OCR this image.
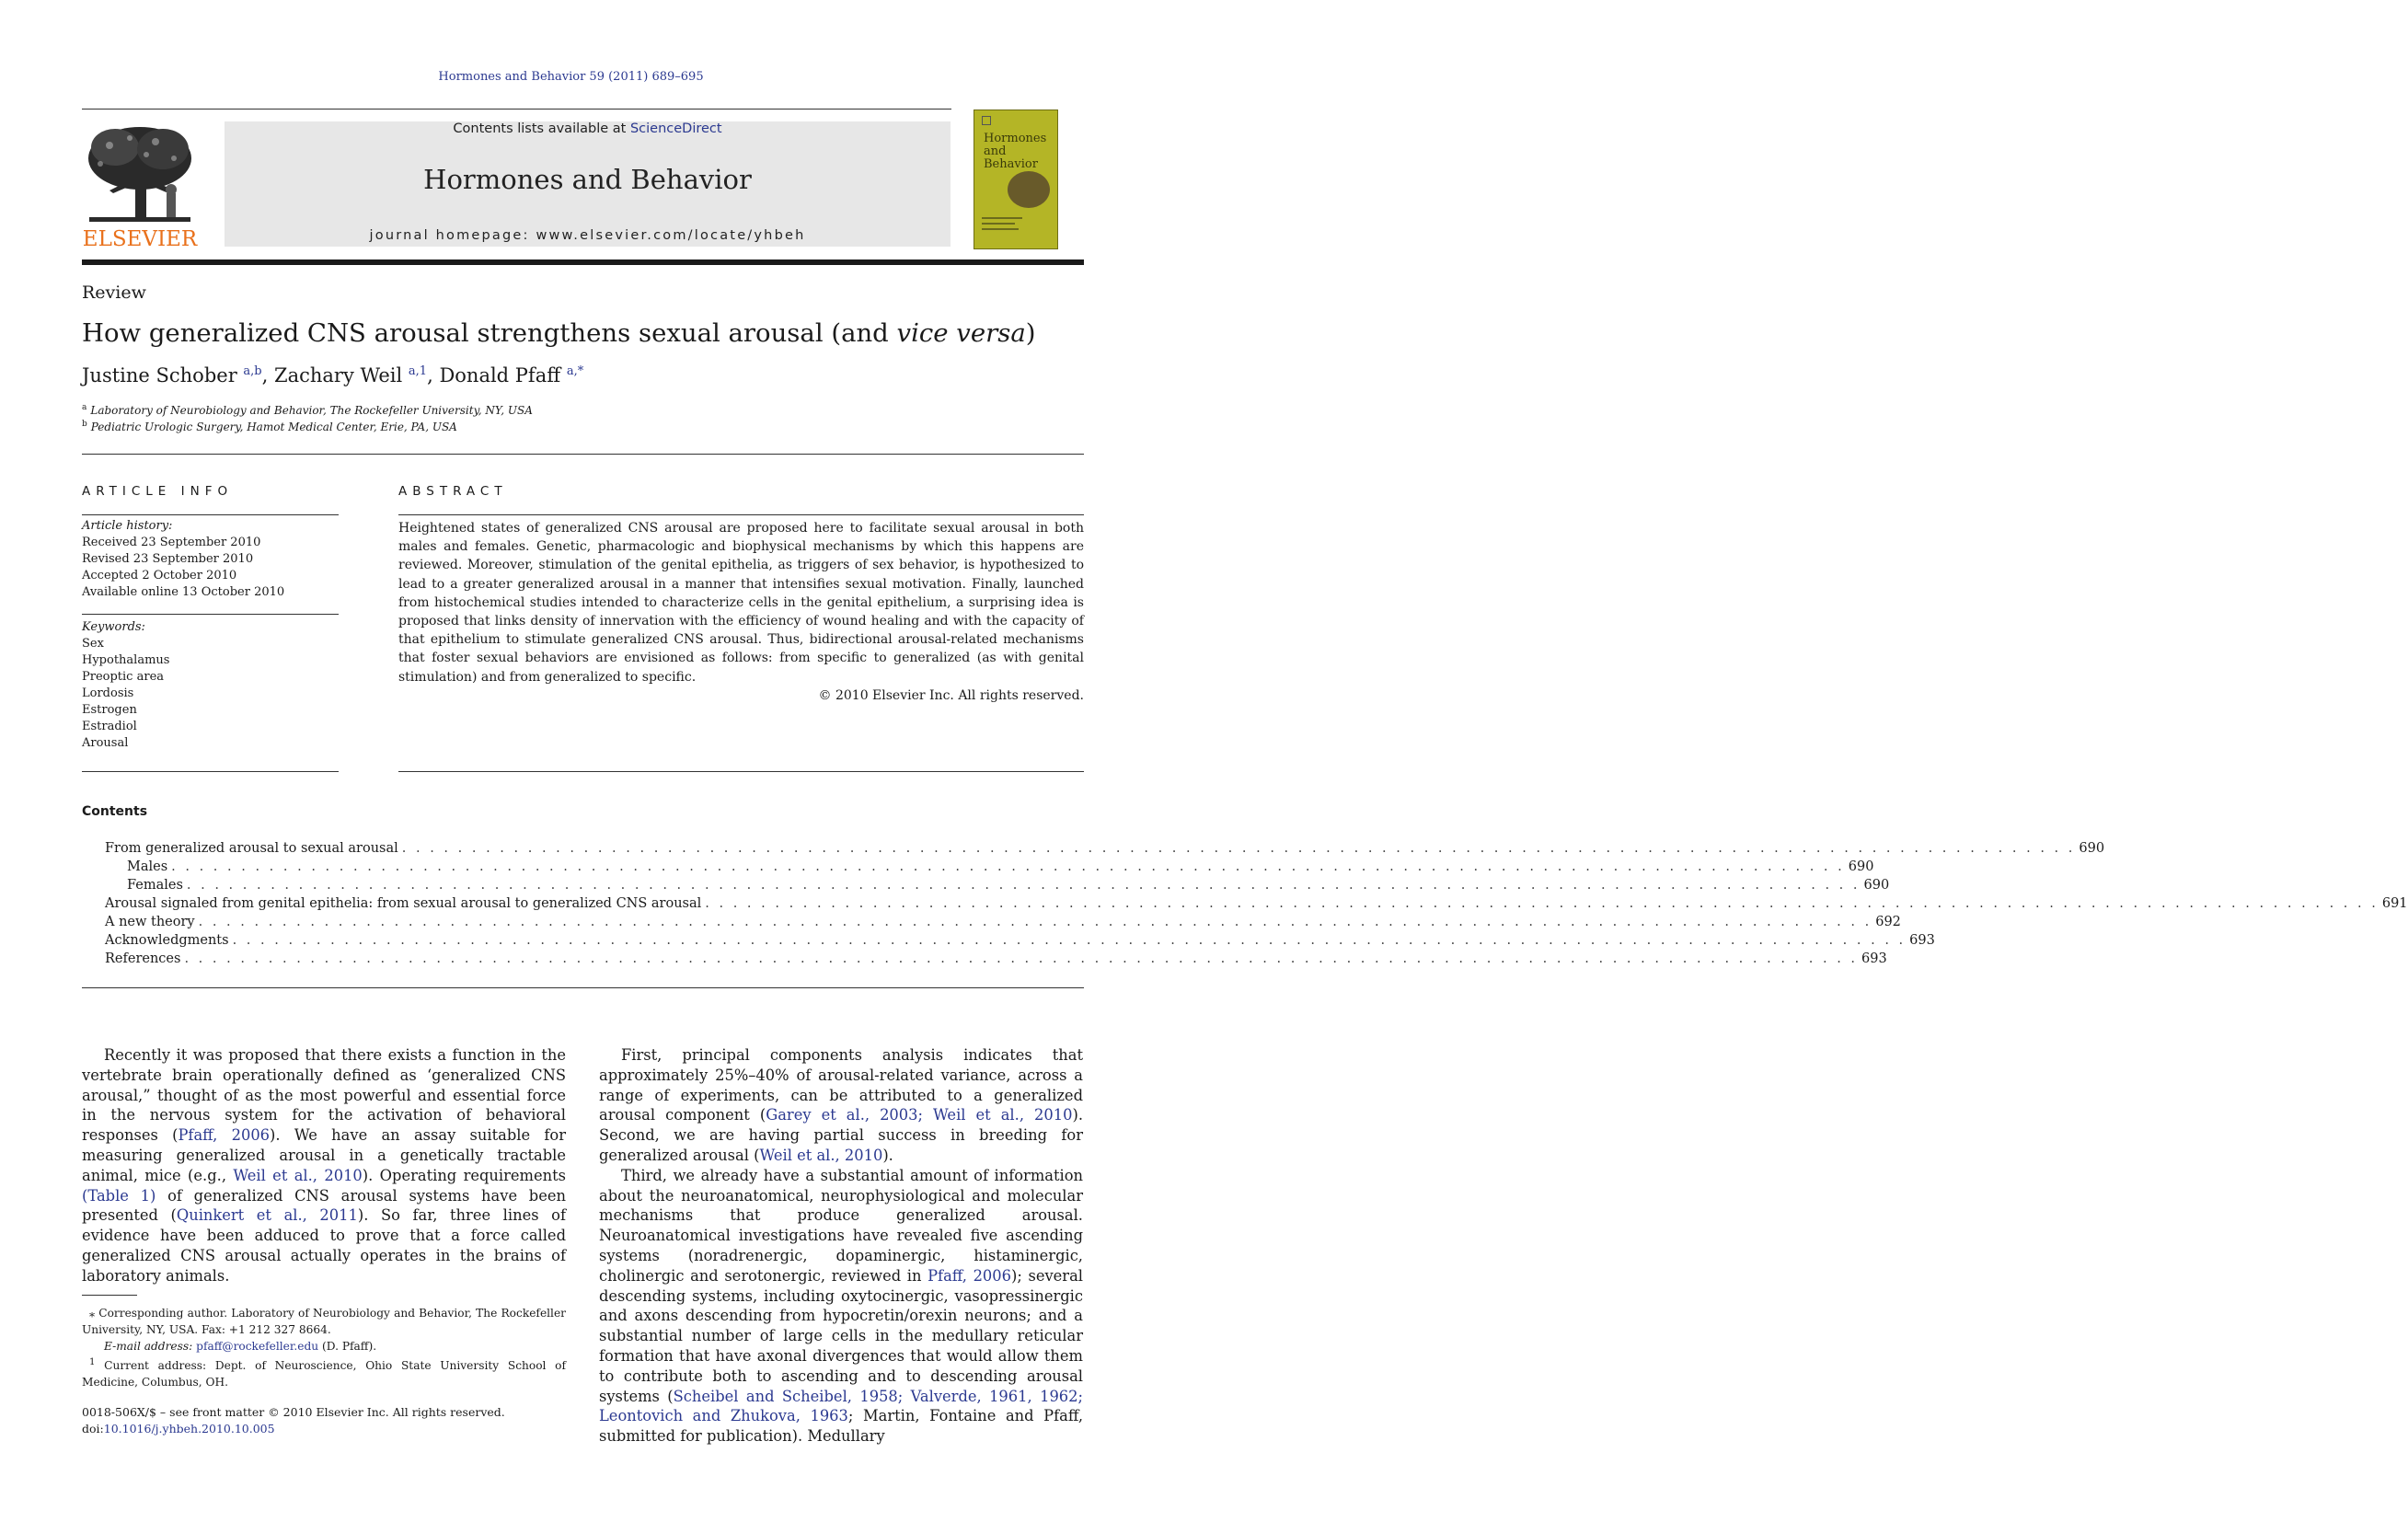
Hormones and Behavior 59 (2011) 689–695
ELSEVIER
Contents lists available at ScienceDirect
Hormones and Behavior
journal homepage: www.elsevier.com/locate/yhbeh
Hormones
and Behavior
Review
How generalized CNS arousal strengthens sexual arousal (and vice versa)
Justine Schober $^{a,b}$, Zachary Weil $^{a,1}$, Donald Pfaff $^{a,*}$
$^a$ Laboratory of Neurobiology and Behavior, The Rockefeller University, NY, USA
$^b$ Pediatric Urologic Surgery, Hamot Medical Center, Erie, PA, USA
ARTICLE INFO	ABSTRACT
Article history:
Received 23 September 2010
Revised 23 September 2010
Accepted 2 October 2010
Available online 13 October 2010
Keywords:
Sex
Hypothalamus
Preoptic area
Lordosis
Estrogen
Estradiol
Arousal
Heightened states of generalized CNS arousal are proposed here to facilitate sexual arousal in both males and females. Genetic, pharmacologic and biophysical mechanisms by which this happens are reviewed. Moreover, stimulation of the genital epithelia, as triggers of sex behavior, is hypothesized to lead to a greater generalized arousal in a manner that intensifies sexual motivation. Finally, launched from histochemical studies intended to characterize cells in the genital epithelium, a surprising idea is proposed that links density of innervation with the efficiency of wound healing and with the capacity of that epithelium to stimulate generalized CNS arousal. Thus, bidirectional arousal-related mechanisms that foster sexual behaviors are envisioned as follows: from specific to generalized (as with genital stimulation) and from generalized to specific.
© 2010 Elsevier Inc. All rights reserved.
Contents
From generalized arousal to sexual arousal . . . . . . . . . . . . . . . . . . . . . . . . . . . . . . . . . . . . . . . . . . . . . . . . . . . . . . . . . . . . . . . . . . . . . . . . . . . . . . . . . . . . . . . . . . . . . . . . . . . . . . . . . . . . . . . . . . . . . . . . 690
Males . . . . . . . . . . . . . . . . . . . . . . . . . . . . . . . . . . . . . . . . . . . . . . . . . . . . . . . . . . . . . . . . . . . . . . . . . . . . . . . . . . . . . . . . . . . . . . . . . . . . . . . . . . . . . . . . . . . . . . . . 690
Females . . . . . . . . . . . . . . . . . . . . . . . . . . . . . . . . . . . . . . . . . . . . . . . . . . . . . . . . . . . . . . . . . . . . . . . . . . . . . . . . . . . . . . . . . . . . . . . . . . . . . . . . . . . . . . . . . . . . . . . . 690
Arousal signaled from genital epithelia: from sexual arousal to generalized CNS arousal . . . . . . . . . . . . . . . . . . . . . . . . . . . . . . . . . . . . . . . . . . . . . . . . . . . . . . . . . . . . . . . . . . . . . . . . . . . . . . . . . . . . . . . . . . . . . . . . . . . . . . . . . . . . . . . . . . . . . . . . 691
A new theory . . . . . . . . . . . . . . . . . . . . . . . . . . . . . . . . . . . . . . . . . . . . . . . . . . . . . . . . . . . . . . . . . . . . . . . . . . . . . . . . . . . . . . . . . . . . . . . . . . . . . . . . . . . . . . . . . . . . . . . . 692
Acknowledgments . . . . . . . . . . . . . . . . . . . . . . . . . . . . . . . . . . . . . . . . . . . . . . . . . . . . . . . . . . . . . . . . . . . . . . . . . . . . . . . . . . . . . . . . . . . . . . . . . . . . . . . . . . . . . . . . . . . . . . . . 693
References . . . . . . . . . . . . . . . . . . . . . . . . . . . . . . . . . . . . . . . . . . . . . . . . . . . . . . . . . . . . . . . . . . . . . . . . . . . . . . . . . . . . . . . . . . . . . . . . . . . . . . . . . . . . . . . . . . . . . . . . 693

Recently it was proposed that there exists a function in the vertebrate brain operationally defined as ‘generalized CNS arousal,” thought of as the most powerful and essential force in the nervous system for the activation of behavioral responses (Pfaff, 2006). We have an assay suitable for measuring generalized arousal in a genetically tractable animal, mice (e.g., Weil et al., 2010). Operating requirements (Table 1) of generalized CNS arousal systems have been presented (Quinkert et al., 2011). So far, three lines of evidence have been adduced to prove that a force called generalized CNS arousal actually operates in the brains of laboratory animals.

First, principal components analysis indicates that approximately 25%–40% of arousal-related variance, across a range of experiments, can be attributed to a generalized arousal component (Garey et al., 2003; Weil et al., 2010). Second, we are having partial success in breeding for generalized arousal (Weil et al., 2010).

Third, we already have a substantial amount of information about the neuroanatomical, neurophysiological and molecular mechanisms that produce generalized arousal. Neuroanatomical investigations have revealed five ascending systems (noradrenergic, dopaminergic, histaminergic, cholinergic and serotonergic, reviewed in Pfaff, 2006); several descending systems, including oxytocinergic, vasopressinergic and axons descending from hypocretin/orexin neurons; and a substantial number of large cells in the medullary reticular formation that have axonal divergences that would allow them to contribute both to ascending and to descending arousal systems (Scheibel and Scheibel, 1958; Valverde, 1961, 1962; Leontovich and Zhukova, 1963; Martin, Fontaine and Pfaff, submitted for publication). Medullary

⁎ Corresponding author. Laboratory of Neurobiology and Behavior, The Rockefeller University, NY, USA. Fax: +1 212 327 8664.

E-mail address: pfaff@rockefeller.edu (D. Pfaff).

$^1$ Current address: Dept. of Neuroscience, Ohio State University School of Medicine, Columbus, OH.

0018-506X/$ – see front matter © 2010 Elsevier Inc. All rights reserved.
doi:10.1016/j.yhbeh.2010.10.005
